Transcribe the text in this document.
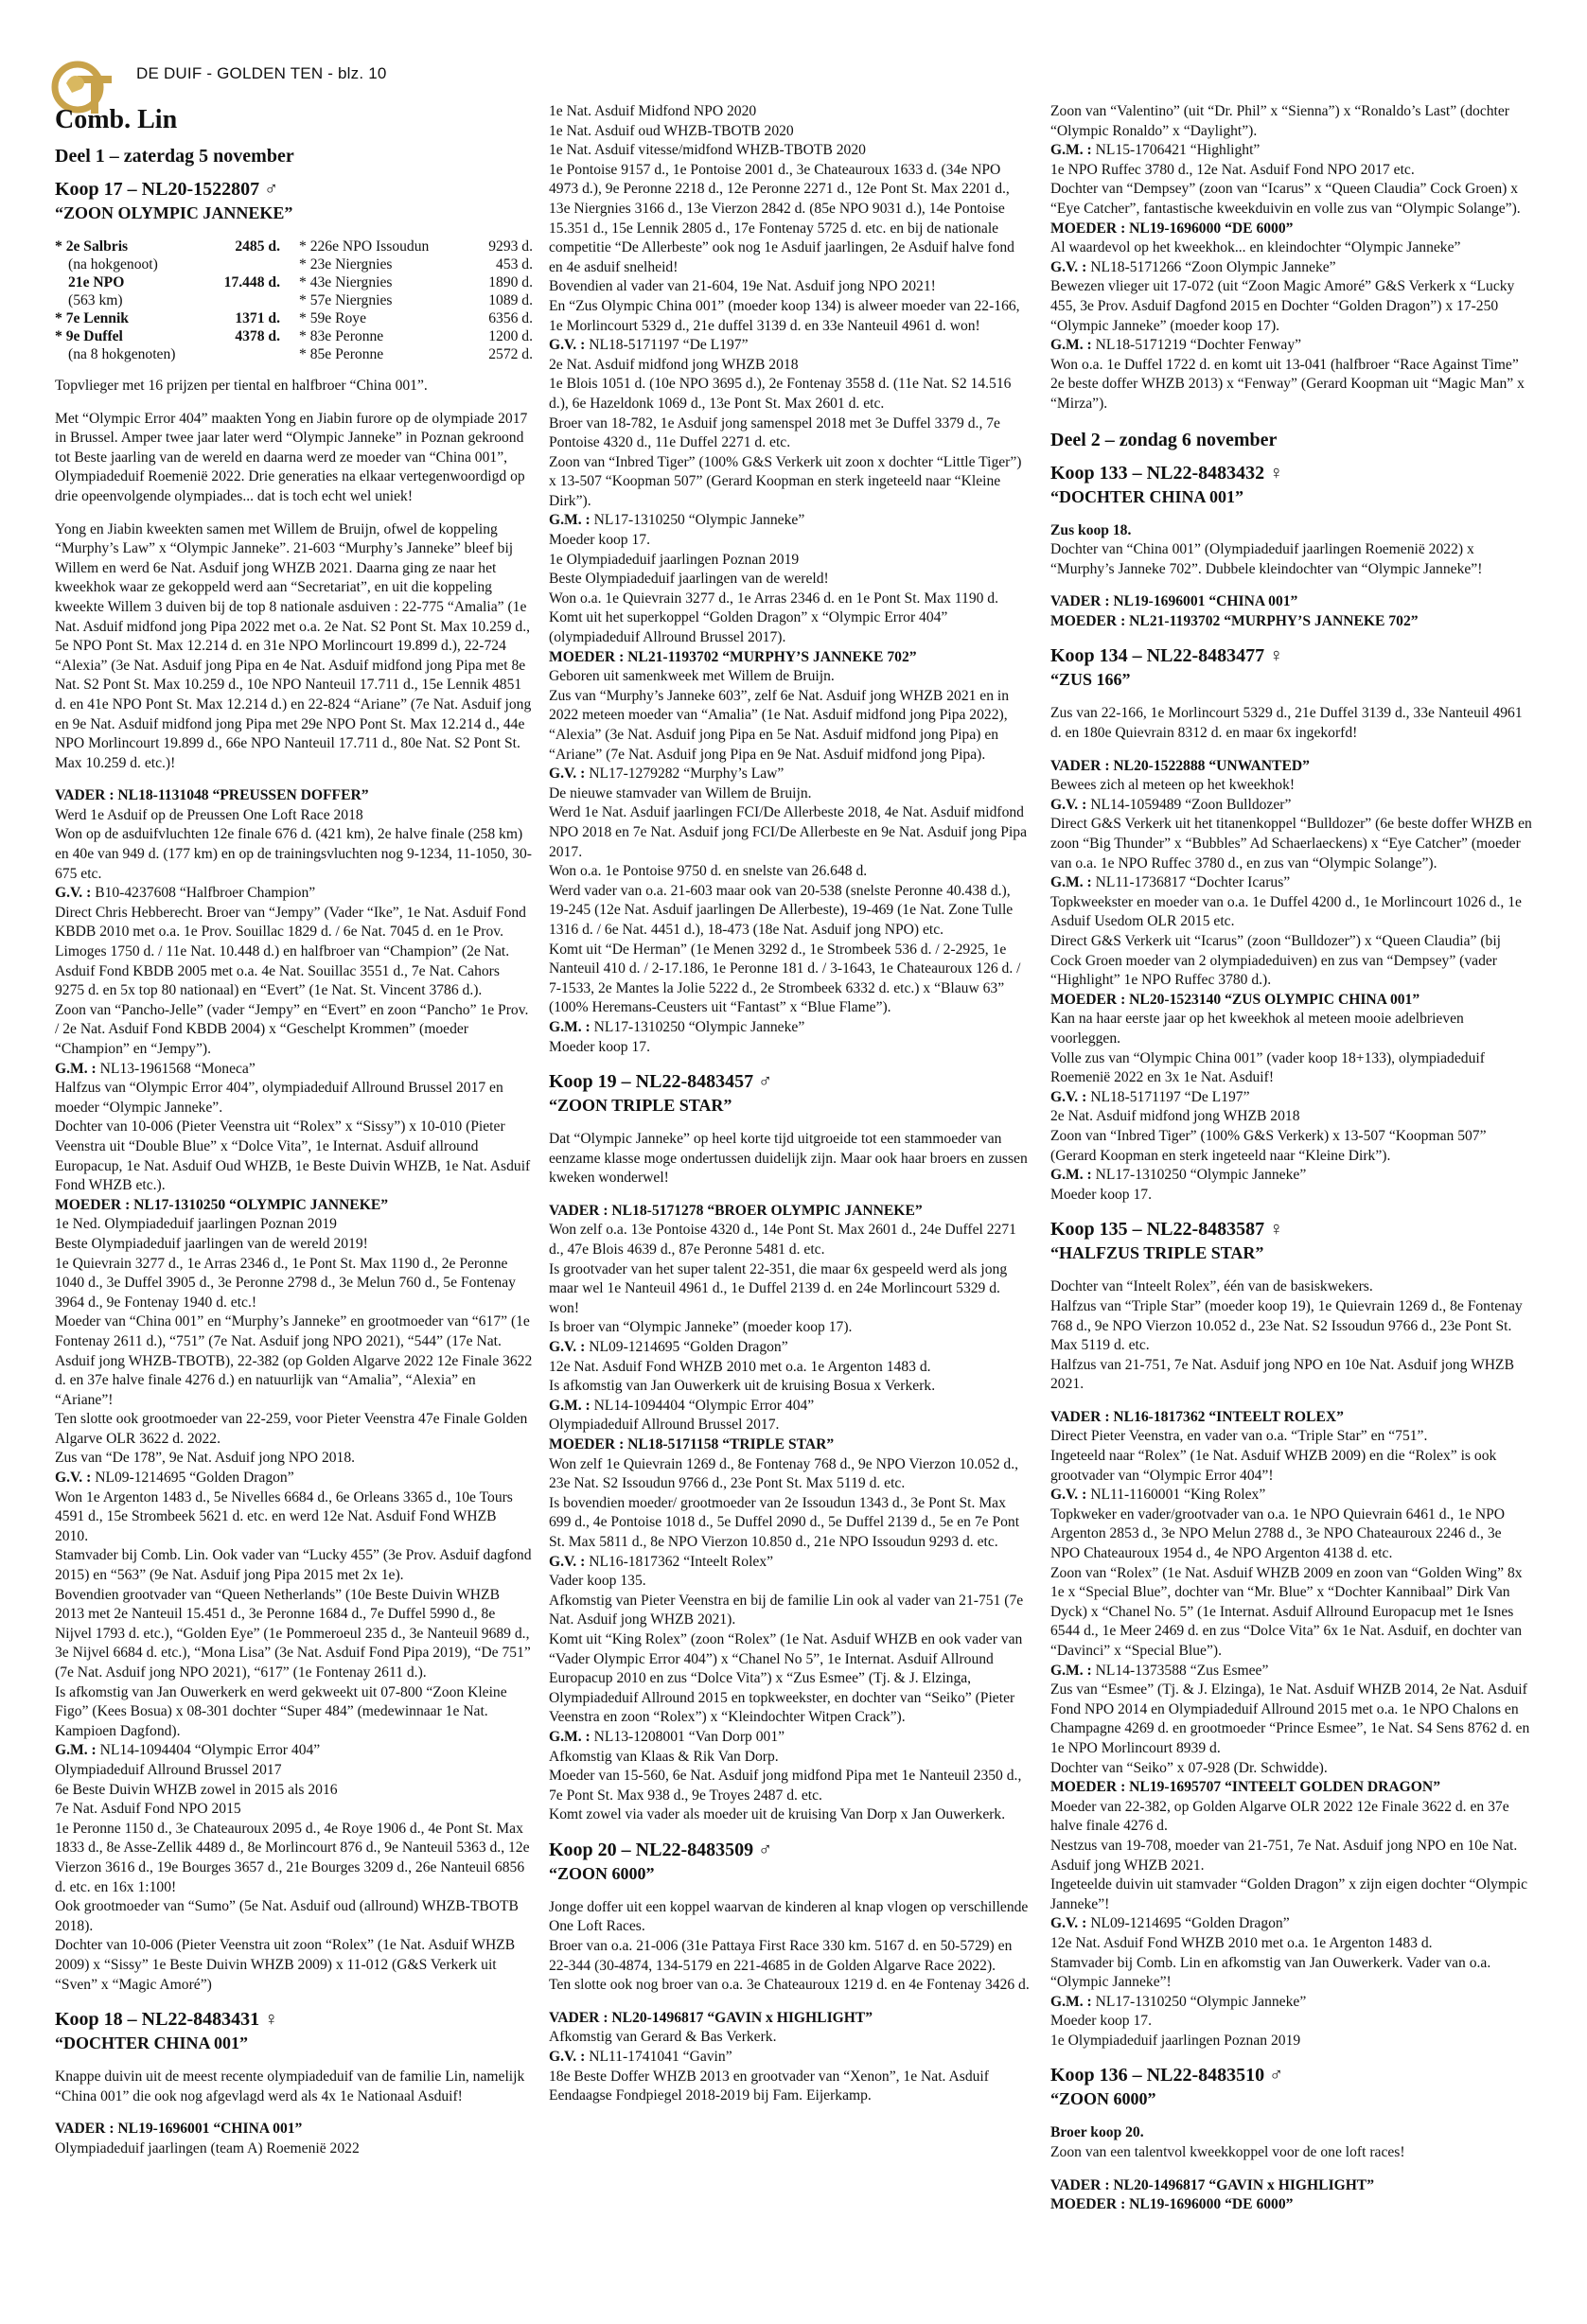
DE DUIF - GOLDEN TEN - blz. 10
Comb. Lin
Deel 1 – zaterdag 5 november
Koop 17 – NL20-1522807 ♂
“ZOON OLYMPIC JANNEKE”
* 2e Salbris	2485 d.		* 226e NPO Issoudun	9293 d.
(na hokgenoot)			* 23e Niergnies	453 d.
21e NPO	17.448 d.		* 43e Niergnies	1890 d.
(563 km)			* 57e Niergnies	1089 d.
* 7e Lennik	1371 d.		* 59e Roye	6356 d.
* 9e Duffel	4378 d.		* 83e Peronne	1200 d.
(na 8 hokgenoten)			* 85e Peronne	2572 d.

Topvlieger met 16 prijzen per tiental en halfbroer “China 001”.

Met “Olympic Error 404” maakten Yong en Jiabin furore op de olympiade 2017 in Brussel. Amper twee jaar later werd “Olympic Janneke” in Poznan gekroond tot Beste jaarling van de wereld en daarna werd ze moeder van “China 001”, Olympiadeduif Roemenië 2022. Drie generaties na elkaar vertegenwoordigd op drie opeenvolgende olympiades... dat is toch echt wel uniek!

Yong en Jiabin kweekten samen met Willem de Bruijn, ofwel de koppeling “Murphy’s Law” x “Olympic Janneke”. 21-603 “Murphy’s Janneke” bleef bij Willem en werd 6e Nat. Asduif jong WHZB 2021. Daarna ging ze naar het kweekhok waar ze gekoppeld werd aan “Secretariat”, en uit die koppeling kweekte Willem 3 duiven bij de top 8 nationale asduiven : 22-775 “Amalia” (1e Nat. Asduif midfond jong Pipa 2022 met o.a. 2e Nat. S2 Pont St. Max 10.259 d., 5e NPO Pont St. Max 12.214 d. en 31e NPO Morlincourt 19.899 d.), 22-724 “Alexia” (3e Nat. Asduif jong Pipa en 4e Nat. Asduif midfond jong Pipa met 8e Nat. S2 Pont St. Max 10.259 d., 10e NPO Nanteuil 17.711 d., 15e Lennik 4851 d. en 41e NPO Pont St. Max 12.214 d.) en 22-824 “Ariane” (7e Nat. Asduif jong en 9e Nat. Asduif midfond jong Pipa met 29e NPO Pont St. Max 12.214 d., 44e NPO Morlincourt 19.899 d., 66e NPO Nanteuil 17.711 d., 80e Nat. S2 Pont St. Max 10.259 d. etc.)!

VADER : NL18-1131048 “PREUSSEN DOFFER”

Werd 1e Asduif op de Preussen One Loft Race 2018
Won op de asduifvluchten 12e finale 676 d. (421 km), 2e halve finale (258 km) en 40e van 949 d. (177 km) en op de trainingsvluchten nog 9-1234, 11-1050, 30-675 etc.

G.V. : B10-4237608 “Halfbroer Champion”

Direct Chris Hebberecht. Broer van “Jempy” (Vader “Ike”, 1e Nat. Asduif Fond KBDB 2010 met o.a. 1e Prov. Souillac 1829 d. / 6e Nat. 7045 d. en 1e Prov. Limoges 1750 d. / 11e Nat. 10.448 d.) en halfbroer van “Champion” (2e Nat. Asduif Fond KBDB 2005 met o.a. 4e Nat. Souillac 3551 d., 7e Nat. Cahors 9275 d. en 5x top 80 nationaal) en “Evert” (1e Nat. St. Vincent 3786 d.).
Zoon van “Pancho-Jelle” (vader “Jempy” en “Evert” en zoon “Pancho” 1e Prov. / 2e Nat. Asduif Fond KBDB 2004) x “Geschelpt Krommen” (moeder “Champion” en “Jempy”).

G.M. : NL13-1961568 “Moneca”

Halfzus van “Olympic Error 404”, olympiadeduif Allround Brussel 2017 en moeder “Olympic Janneke”.
Dochter van 10-006 (Pieter Veenstra uit “Rolex” x “Sissy”) x 10-010 (Pieter Veenstra uit “Double Blue” x “Dolce Vita”, 1e Internat. Asduif allround Europacup, 1e Nat. Asduif Oud WHZB, 1e Beste Duivin WHZB, 1e Nat. Asduif Fond WHZB etc.).

MOEDER : NL17-1310250 “OLYMPIC JANNEKE”

1e Ned. Olympiadeduif jaarlingen Poznan 2019
Beste Olympiadeduif jaarlingen van de wereld 2019!
1e Quievrain 3277 d., 1e Arras 2346 d., 1e Pont St. Max 1190 d., 2e Peronne 1040 d., 3e Duffel 3905 d., 3e Peronne 2798 d., 3e Melun 760 d., 5e Fontenay 3964 d., 9e Fontenay 1940 d. etc.!
Moeder van “China 001” en “Murphy’s Janneke” en grootmoeder van “617” (1e Fontenay 2611 d.), “751” (7e Nat. Asduif jong NPO 2021), “544” (17e Nat. Asduif jong WHZB-TBOTB), 22-382 (op Golden Algarve 2022 12e Finale 3622 d. en 37e halve finale 4276 d.) en natuurlijk van “Amalia”, “Alexia” en “Ariane”!
Ten slotte ook grootmoeder van 22-259, voor Pieter Veenstra 47e Finale Golden Algarve OLR 3622 d. 2022.
Zus van “De 178”, 9e Nat. Asduif jong NPO 2018.

G.V. : NL09-1214695 “Golden Dragon”

Won 1e Argenton 1483 d., 5e Nivelles 6684 d., 6e Orleans 3365 d., 10e Tours 4591 d., 15e Strombeek 5621 d. etc. en werd 12e Nat. Asduif Fond WHZB 2010.
Stamvader bij Comb. Lin. Ook vader van “Lucky 455” (3e Prov. Asduif dagfond 2015) en “563” (9e Nat. Asduif jong Pipa 2015 met 2x 1e).
Bovendien grootvader van “Queen Netherlands” (10e Beste Duivin WHZB 2013 met 2e Nanteuil 15.451 d., 3e Peronne 1684 d., 7e Duffel 5990 d., 8e Nijvel 1793 d. etc.), “Golden Eye” (1e Pommeroeul 235 d., 3e Nanteuil 9689 d., 3e Nijvel 6684 d. etc.), “Mona Lisa” (3e Nat. Asduif Fond Pipa 2019), “De 751” (7e Nat. Asduif jong NPO 2021), “617” (1e Fontenay 2611 d.).
Is afkomstig van Jan Ouwerkerk en werd gekweekt uit 07-800 “Zoon Kleine Figo” (Kees Bosua) x 08-301 dochter “Super 484” (medewinnaar 1e Nat. Kampioen Dagfond).

G.M. : NL14-1094404 “Olympic Error 404”

Olympiadeduif Allround Brussel 2017
6e Beste Duivin WHZB zowel in 2015 als 2016
7e Nat. Asduif Fond NPO 2015
1e Peronne 1150 d., 3e Chateauroux 2095 d., 4e Roye 1906 d., 4e Pont St. Max 1833 d., 8e Asse-Zellik 4489 d., 8e Morlincourt 876 d., 9e Nanteuil 5363 d., 12e Vierzon 3616 d., 19e Bourges 3657 d., 21e Bourges 3209 d., 26e Nanteuil 6856 d. etc. en 16x 1:100!
Ook grootmoeder van “Sumo” (5e Nat. Asduif oud (allround) WHZB-TBOTB 2018).
Dochter van 10-006 (Pieter Veenstra uit zoon “Rolex” (1e Nat. Asduif WHZB 2009) x “Sissy” 1e Beste Duivin WHZB 2009) x 11-012 (G&S Verkerk uit “Sven” x “Magic Amoré”)

Koop 18 – NL22-8483431 ♀
“DOCHTER CHINA 001”

Knappe duivin uit de meest recente olympiadeduif van de familie Lin, namelijk “China 001” die ook nog afgevlagd werd als 4x 1e Nationaal Asduif!

VADER : NL19-1696001 “CHINA 001”

Olympiadeduif jaarlingen (team A) Roemenië 2022

1e Nat. Asduif Midfond NPO 2020
1e Nat. Asduif oud WHZB-TBOTB 2020
1e Nat. Asduif vitesse/midfond WHZB-TBOTB 2020
1e Pontoise 9157 d., 1e Pontoise 2001 d., 3e Chateauroux 1633 d. (34e NPO 4973 d.), 9e Peronne 2218 d., 12e Peronne 2271 d., 12e Pont St. Max 2201 d., 13e Niergnies 3166 d., 13e Vierzon 2842 d. (85e NPO 9031 d.), 14e Pontoise 15.351 d., 15e Lennik 2805 d., 17e Fontenay 5725 d. etc. en bij de nationale competitie “De Allerbeste” ook nog 1e Asduif jaarlingen, 2e Asduif halve fond en 4e asduif snelheid!
Bovendien al vader van 21-604, 19e Nat. Asduif jong NPO 2021!
En “Zus Olympic China 001” (moeder koop 134) is alweer moeder van 22-166, 1e Morlincourt 5329 d., 21e duffel 3139 d. en 33e Nanteuil 4961 d. won!

G.V. : NL18-5171197 “De L197”

2e Nat. Asduif midfond jong WHZB 2018
1e Blois 1051 d. (10e NPO 3695 d.), 2e Fontenay 3558 d. (11e Nat. S2 14.516 d.), 6e Hazeldonk 1069 d., 13e Pont St. Max 2601 d. etc.
Broer van 18-782, 1e Asduif jong samenspel 2018 met 3e Duffel 3379 d., 7e Pontoise 4320 d., 11e Duffel 2271 d. etc.
Zoon van “Inbred Tiger” (100% G&S Verkerk uit zoon x dochter “Little Tiger”) x 13-507 “Koopman 507” (Gerard Koopman en sterk ingeteeld naar “Kleine Dirk”).

G.M. : NL17-1310250 “Olympic Janneke”

Moeder koop 17.
1e Olympiadeduif jaarlingen Poznan 2019
Beste Olympiadeduif jaarlingen van de wereld!
Won o.a. 1e Quievrain 3277 d., 1e Arras 2346 d. en 1e Pont St. Max 1190 d.
Komt uit het superkoppel “Golden Dragon” x “Olympic Error 404” (olympiadeduif Allround Brussel 2017).

MOEDER : NL21-1193702 “MURPHY’S JANNEKE 702”

Geboren uit samenkweek met Willem de Bruijn.
Zus van “Murphy’s Janneke 603”, zelf 6e Nat. Asduif jong WHZB 2021 en in 2022 meteen moeder van “Amalia” (1e Nat. Asduif midfond jong Pipa 2022), “Alexia” (3e Nat. Asduif jong Pipa en 5e Nat. Asduif midfond jong Pipa) en “Ariane” (7e Nat. Asduif jong Pipa en 9e Nat. Asduif midfond jong Pipa).

G.V. : NL17-1279282 “Murphy’s Law”

De nieuwe stamvader van Willem de Bruijn.
Werd 1e Nat. Asduif jaarlingen FCI/De Allerbeste 2018, 4e Nat. Asduif midfond NPO 2018 en 7e Nat. Asduif jong FCI/De Allerbeste en 9e Nat. Asduif jong Pipa 2017.
Won o.a. 1e Pontoise 9750 d. en snelste van 26.648 d.
Werd vader van o.a. 21-603 maar ook van 20-538 (snelste Peronne 40.438 d.), 19-245 (12e Nat. Asduif jaarlingen De Allerbeste), 19-469 (1e Nat. Zone Tulle 1316 d. / 6e Nat. 4451 d.), 18-473 (18e Nat. Asduif jong NPO) etc.
Komt uit “De Herman” (1e Menen 3292 d., 1e Strombeek 536 d. / 2-2925, 1e Nanteuil 410 d. / 2-17.186, 1e Peronne 181 d. / 3-1643, 1e Chateauroux 126 d. / 7-1533, 2e Mantes la Jolie 5222 d., 2e Strombeek 6332 d. etc.) x “Blauw 63” (100% Heremans-Ceusters uit “Fantast” x “Blue Flame”).

G.M. : NL17-1310250 “Olympic Janneke”

Moeder koop 17.

Koop 19 – NL22-8483457 ♂
“ZOON TRIPLE STAR”

Dat “Olympic Janneke” op heel korte tijd uitgroeide tot een stammoeder van eenzame klasse moge ondertussen duidelijk zijn. Maar ook haar broers en zussen kweken wonderwel!

VADER : NL18-5171278 “BROER OLYMPIC JANNEKE”

Won zelf o.a. 13e Pontoise 4320 d., 14e Pont St. Max 2601 d., 24e Duffel 2271 d., 47e Blois 4639 d., 87e Peronne 5481 d. etc.
Is grootvader van het super talent 22-351, die maar 6x gespeeld werd als jong maar wel 1e Nanteuil 4961 d., 1e Duffel 2139 d. en 24e Morlincourt 5329 d. won!
Is broer van “Olympic Janneke” (moeder koop 17).

G.V. : NL09-1214695 “Golden Dragon”

12e Nat. Asduif Fond WHZB 2010 met o.a. 1e Argenton 1483 d.
Is afkomstig van Jan Ouwerkerk uit de kruising Bosua x Verkerk.

G.M. : NL14-1094404 “Olympic Error 404”

Olympiadeduif Allround Brussel 2017.

MOEDER : NL18-5171158 “TRIPLE STAR”

Won zelf 1e Quievrain 1269 d., 8e Fontenay 768 d., 9e NPO Vierzon 10.052 d., 23e Nat. S2 Issoudun 9766 d., 23e Pont St. Max 5119 d. etc.
Is bovendien moeder/ grootmoeder van 2e Issoudun 1343 d., 3e Pont St. Max 699 d., 4e Pontoise 1018 d., 5e Duffel 2090 d., 5e Duffel 2139 d., 5e en 7e Pont St. Max 5811 d., 8e NPO Vierzon 10.850 d., 21e NPO Issoudun 9293 d. etc.

G.V. : NL16-1817362 “Inteelt Rolex”

Vader koop 135.
Afkomstig van Pieter Veenstra en bij de familie Lin ook al vader van 21-751 (7e Nat. Asduif jong WHZB 2021).
Komt uit “King Rolex” (zoon “Rolex” (1e Nat. Asduif WHZB en ook vader van “Vader Olympic Error 404”) x “Chanel No 5”, 1e Internat. Asduif Allround Europacup 2010 en zus “Dolce Vita”) x “Zus Esmee” (Tj. & J. Elzinga, Olympiadeduif Allround 2015 en topkweekster, en dochter van “Seiko” (Pieter Veenstra en zoon “Rolex”) x “Kleindochter Witpen Crack”).

G.M. : NL13-1208001 “Van Dorp 001”

Afkomstig van Klaas & Rik Van Dorp.
Moeder van 15-560, 6e Nat. Asduif jong midfond Pipa met 1e Nanteuil 2350 d., 7e Pont St. Max 938 d., 9e Troyes 2487 d. etc.
Komt zowel via vader als moeder uit de kruising Van Dorp x Jan Ouwerkerk.

Koop 20 – NL22-8483509 ♂
“ZOON 6000”

Jonge doffer uit een koppel waarvan de kinderen al knap vlogen op verschillende One Loft Races.
Broer van o.a. 21-006 (31e Pattaya First Race 330 km. 5167 d. en 50-5729) en 22-344 (30-4874, 134-5179 en 221-4685 in de Golden Algarve Race 2022).
Ten slotte ook nog broer van o.a. 3e Chateauroux 1219 d. en 4e Fontenay 3426 d.

VADER : NL20-1496817 “GAVIN x HIGHLIGHT”

Afkomstig van Gerard & Bas Verkerk.

G.V. : NL11-1741041 “Gavin”

18e Beste Doffer WHZB 2013 en grootvader van “Xenon”, 1e Nat. Asduif Eendaagse Fondpiegel 2018-2019 bij Fam. Eijerkamp.

Zoon van “Valentino” (uit “Dr. Phil” x “Sienna”) x “Ronaldo’s Last” (dochter “Olympic Ronaldo” x “Daylight”).

G.M. : NL15-1706421 “Highlight”

1e NPO Ruffec 3780 d., 12e Nat. Asduif Fond NPO 2017 etc.
Dochter van “Dempsey” (zoon van “Icarus” x “Queen Claudia” Cock Groen) x “Eye Catcher”, fantastische kweekduivin en volle zus van “Olympic Solange”).

MOEDER : NL19-1696000 “DE 6000”

Al waardevol op het kweekhok... en kleindochter “Olympic Janneke”

G.V. : NL18-5171266 “Zoon Olympic Janneke”

Bewezen vlieger uit 17-072 (uit “Zoon Magic Amoré” G&S Verkerk x “Lucky 455, 3e Prov. Asduif Dagfond 2015 en Dochter “Golden Dragon”) x 17-250 “Olympic Janneke” (moeder koop 17).

G.M. : NL18-5171219 “Dochter Fenway”

Won o.a. 1e Duffel 1722 d. en komt uit 13-041 (halfbroer “Race Against Time” 2e beste doffer WHZB 2013) x “Fenway” (Gerard Koopman uit “Magic Man” x “Mirza”).

Deel 2 – zondag 6 november
Koop 133 – NL22-8483432 ♀
“DOCHTER CHINA 001”

Zus koop 18.

Dochter van “China 001” (Olympiadeduif jaarlingen Roemenië 2022) x “Murphy’s Janneke 702”. Dubbele kleindochter van “Olympic Janneke”!

VADER : NL19-1696001 “CHINA 001”

MOEDER : NL21-1193702 “MURPHY’S JANNEKE 702”

Koop 134 – NL22-8483477 ♀
“ZUS 166”

Zus van 22-166, 1e Morlincourt 5329 d., 21e Duffel 3139 d., 33e Nanteuil 4961 d. en 180e Quievrain 8312 d. en maar 6x ingekorfd!

VADER : NL20-1522888 “UNWANTED”

Bewees zich al meteen op het kweekhok!

G.V. : NL14-1059489 “Zoon Bulldozer”

Direct G&S Verkerk uit het titanenkoppel “Bulldozer” (6e beste doffer WHZB en zoon “Big Thunder” x “Bubbles” Ad Schaerlaeckens) x “Eye Catcher” (moeder van o.a. 1e NPO Ruffec 3780 d., en zus van “Olympic Solange”).

G.M. : NL11-1736817 “Dochter Icarus”

Topkweekster en moeder van o.a. 1e Duffel 4200 d., 1e Morlincourt 1026 d., 1e Asduif Usedom OLR 2015 etc.
Direct G&S Verkerk uit “Icarus” (zoon “Bulldozer”) x “Queen Claudia” (bij Cock Groen moeder van 2 olympiadeduiven) en zus van “Dempsey” (vader “Highlight” 1e NPO Ruffec 3780 d.).

MOEDER : NL20-1523140 “ZUS OLYMPIC CHINA 001”

Kan na haar eerste jaar op het kweekhok al meteen mooie adelbrieven voorleggen.
Volle zus van “Olympic China 001” (vader koop 18+133), olympiadeduif Roemenië 2022 en 3x 1e Nat. Asduif!

G.V. : NL18-5171197 “De L197”

2e Nat. Asduif midfond jong WHZB 2018
Zoon van “Inbred Tiger” (100% G&S Verkerk) x 13-507 “Koopman 507” (Gerard Koopman en sterk ingeteeld naar “Kleine Dirk”).

G.M. : NL17-1310250 “Olympic Janneke”

Moeder koop 17.

Koop 135 – NL22-8483587 ♀
“HALFZUS TRIPLE STAR”

Dochter van “Inteelt Rolex”, één van de basiskwekers.
Halfzus van “Triple Star” (moeder koop 19), 1e Quievrain 1269 d., 8e Fontenay 768 d., 9e NPO Vierzon 10.052 d., 23e Nat. S2 Issoudun 9766 d., 23e Pont St. Max 5119 d. etc.
Halfzus van 21-751, 7e Nat. Asduif jong NPO en 10e Nat. Asduif jong WHZB 2021.

VADER : NL16-1817362 “INTEELT ROLEX”

Direct Pieter Veenstra, en vader van o.a. “Triple Star” en “751”.
Ingeteeld naar “Rolex” (1e Nat. Asduif WHZB 2009) en die “Rolex” is ook grootvader van “Olympic Error 404”!

G.V. : NL11-1160001 “King Rolex”

Topkweker en vader/grootvader van o.a. 1e NPO Quievrain 6461 d., 1e NPO Argenton 2853 d., 3e NPO Melun 2788 d., 3e NPO Chateauroux 2246 d., 3e NPO Chateauroux 1954 d., 4e NPO Argenton 4138 d. etc.
Zoon van “Rolex” (1e Nat. Asduif WHZB 2009 en zoon van “Golden Wing” 8x 1e x “Special Blue”, dochter van “Mr. Blue” x “Dochter Kannibaal” Dirk Van Dyck) x “Chanel No. 5” (1e Internat. Asduif Allround Europacup met 1e Isnes 6544 d., 1e Meer 2469 d. en zus “Dolce Vita” 6x 1e Nat. Asduif, en dochter van “Davinci” x “Special Blue”).

G.M. : NL14-1373588 “Zus Esmee”

Zus van “Esmee” (Tj. & J. Elzinga), 1e Nat. Asduif WHZB 2014, 2e Nat. Asduif Fond NPO 2014 en Olympiadeduif Allround 2015 met o.a. 1e NPO Chalons en Champagne 4269 d. en grootmoeder “Prince Esmee”, 1e Nat. S4 Sens 8762 d. en 1e NPO Morlincourt 8939 d.
Dochter van “Seiko” x 07-928 (Dr. Schwidde).

MOEDER : NL19-1695707 “INTEELT GOLDEN DRAGON”

Moeder van 22-382, op Golden Algarve OLR 2022 12e Finale 3622 d. en 37e halve finale 4276 d.
Nestzus van 19-708, moeder van 21-751, 7e Nat. Asduif jong NPO en 10e Nat. Asduif jong WHZB 2021.
Ingeteelde duivin uit stamvader “Golden Dragon” x zijn eigen dochter “Olympic Janneke”!

G.V. : NL09-1214695 “Golden Dragon”

12e Nat. Asduif Fond WHZB 2010 met o.a. 1e Argenton 1483 d.
Stamvader bij Comb. Lin en afkomstig van Jan Ouwerkerk. Vader van o.a. “Olympic Janneke”!

G.M. : NL17-1310250 “Olympic Janneke”

Moeder koop 17.
1e Olympiadeduif jaarlingen Poznan 2019

Koop 136 – NL22-8483510 ♂
“ZOON 6000”

Broer koop 20.

Zoon van een talentvol kweekkoppel voor de one loft races!

VADER : NL20-1496817 “GAVIN x HIGHLIGHT”

MOEDER : NL19-1696000 “DE 6000”
